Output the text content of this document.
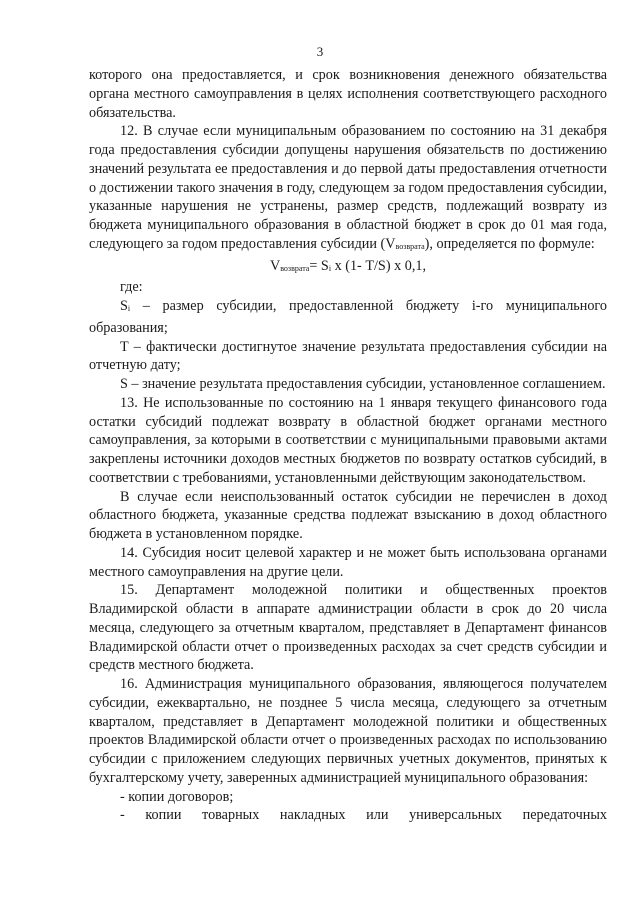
3

которого она предоставляется, и срок возникновения денежного обязательства органа местного самоуправления в целях исполнения соответствующего расходного обязательства.

12. В случае если муниципальным образованием по состоянию на 31 декабря года предоставления субсидии допущены нарушения обязательств по достижению значений результата ее предоставления и до первой даты предоставления отчетности о достижении такого значения в году, следующем за годом предоставления субсидии, указанные нарушения не устранены, размер средств, подлежащий возврату из бюджета муниципального образования в областной бюджет в срок до 01 мая года, следующего за годом предоставления субсидии (Vвозврата), определяется по формуле:

Vвозврата= Si х (1- T/S) х 0,1,

где:

Si – размер субсидии, предоставленной бюджету i-го муниципального образования;

T – фактически достигнутое значение результата предоставления субсидии на отчетную дату;

S – значение результата предоставления субсидии, установленное соглашением.

13. Не использованные по состоянию на 1 января текущего финансового года остатки субсидий подлежат возврату в областной бюджет органами местного самоуправления, за которыми в соответствии с муниципальными правовыми актами закреплены источники доходов местных бюджетов по возврату остатков субсидий, в соответствии с требованиями, установленными действующим законодательством.

В случае если неиспользованный остаток субсидии не перечислен в доход областного бюджета, указанные средства подлежат взысканию в доход областного бюджета в установленном порядке.

14. Субсидия носит целевой характер и не может быть использована органами местного самоуправления на другие цели.

15. Департамент молодежной политики и общественных проектов Владимирской области в аппарате администрации области в срок до 20 числа месяца, следующего за отчетным кварталом, представляет в Департамент финансов Владимирской области отчет о произведенных расходах за счет средств субсидии и средств местного бюджета.

16. Администрация муниципального образования, являющегося получателем субсидии, ежеквартально, не позднее 5 числа месяца, следующего за отчетным кварталом, представляет в Департамент молодежной политики и общественных проектов Владимирской области отчет о произведенных расходах по использованию субсидии с приложением следующих первичных учетных документов, принятых к бухгалтерскому учету, заверенных администрацией муниципального образования:

- копии договоров;

- копии товарных накладных или универсальных передаточных
